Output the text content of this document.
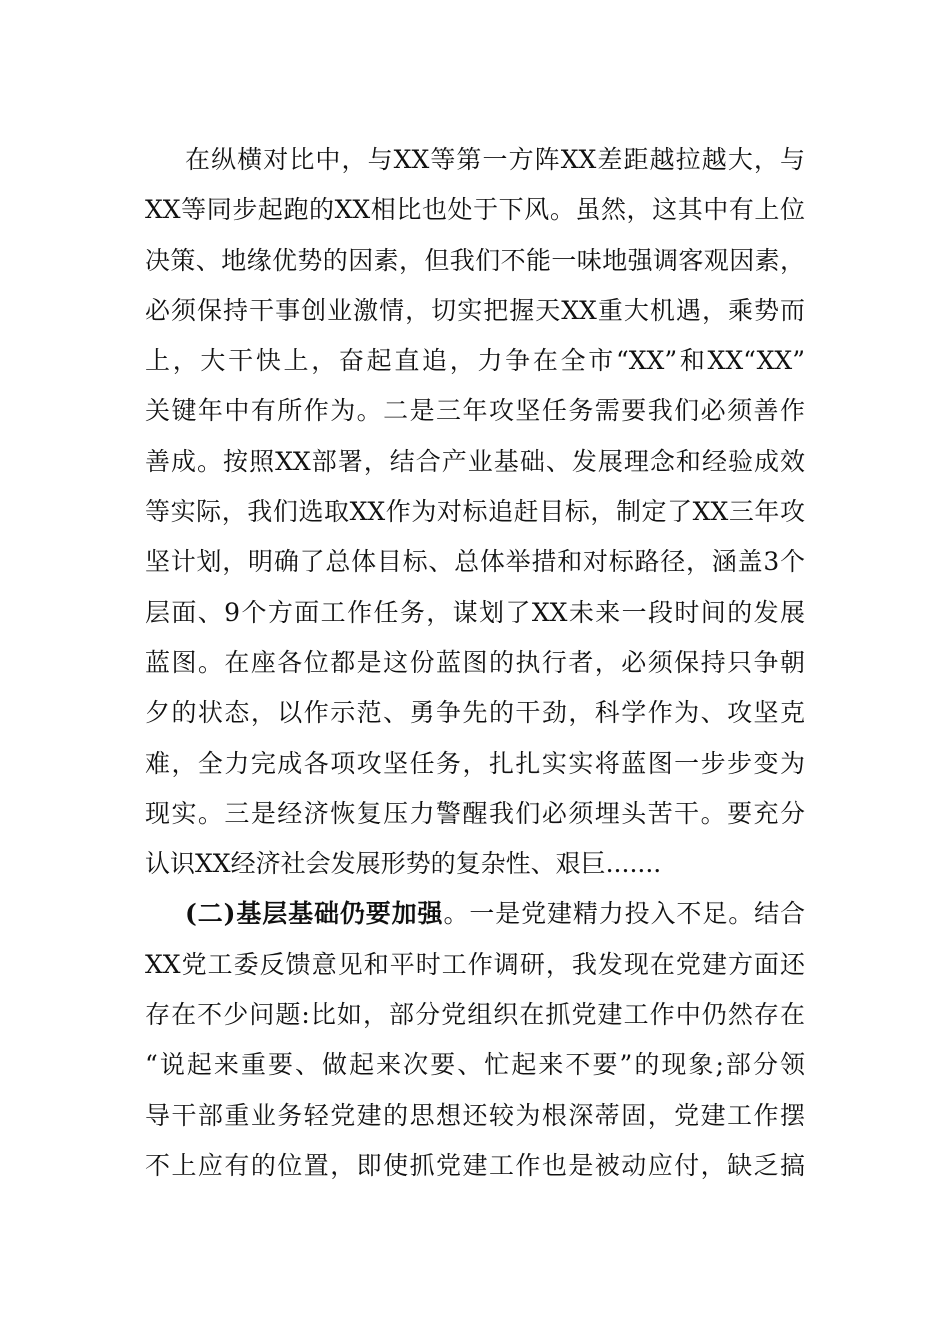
在纵横对比中，与XX等第一方阵XX差距越拉越大，与
XX等同步起跑的XX相比也处于下风。虽然，这其中有上位
决策、地缘优势的因素，但我们不能一味地强调客观因素，
必须保持干事创业激情，切实把握天XX重大机遇，乘势而
上，大干快上，奋起直追，力争在全市“XX”和XX“XX”
关键年中有所作为。二是三年攻坚任务需要我们必须善作
善成。按照XX部署，结合产业基础、发展理念和经验成效
等实际，我们选取XX作为对标追赶目标，制定了XX三年攻
坚计划，明确了总体目标、总体举措和对标路径，涵盖3个
层面、9个方面工作任务，谋划了XX未来一段时间的发展
蓝图。在座各位都是这份蓝图的执行者，必须保持只争朝
夕的状态，以作示范、勇争先的干劲，科学作为、攻坚克
难，全力完成各项攻坚任务，扎扎实实将蓝图一步步变为
现实。三是经济恢复压力警醒我们必须埋头苦干。要充分
认识XX经济社会发展形势的复杂性、艰巨.......
(二)基层基础仍要加强。一是党建精力投入不足。结合
XX党工委反馈意见和平时工作调研，我发现在党建方面还
存在不少问题:比如，部分党组织在抓党建工作中仍然存在
“说起来重要、做起来次要、忙起来不要”的现象;部分领
导干部重业务轻党建的思想还较为根深蒂固，党建工作摆
不上应有的位置，即使抓党建工作也是被动应付，缺乏搞
